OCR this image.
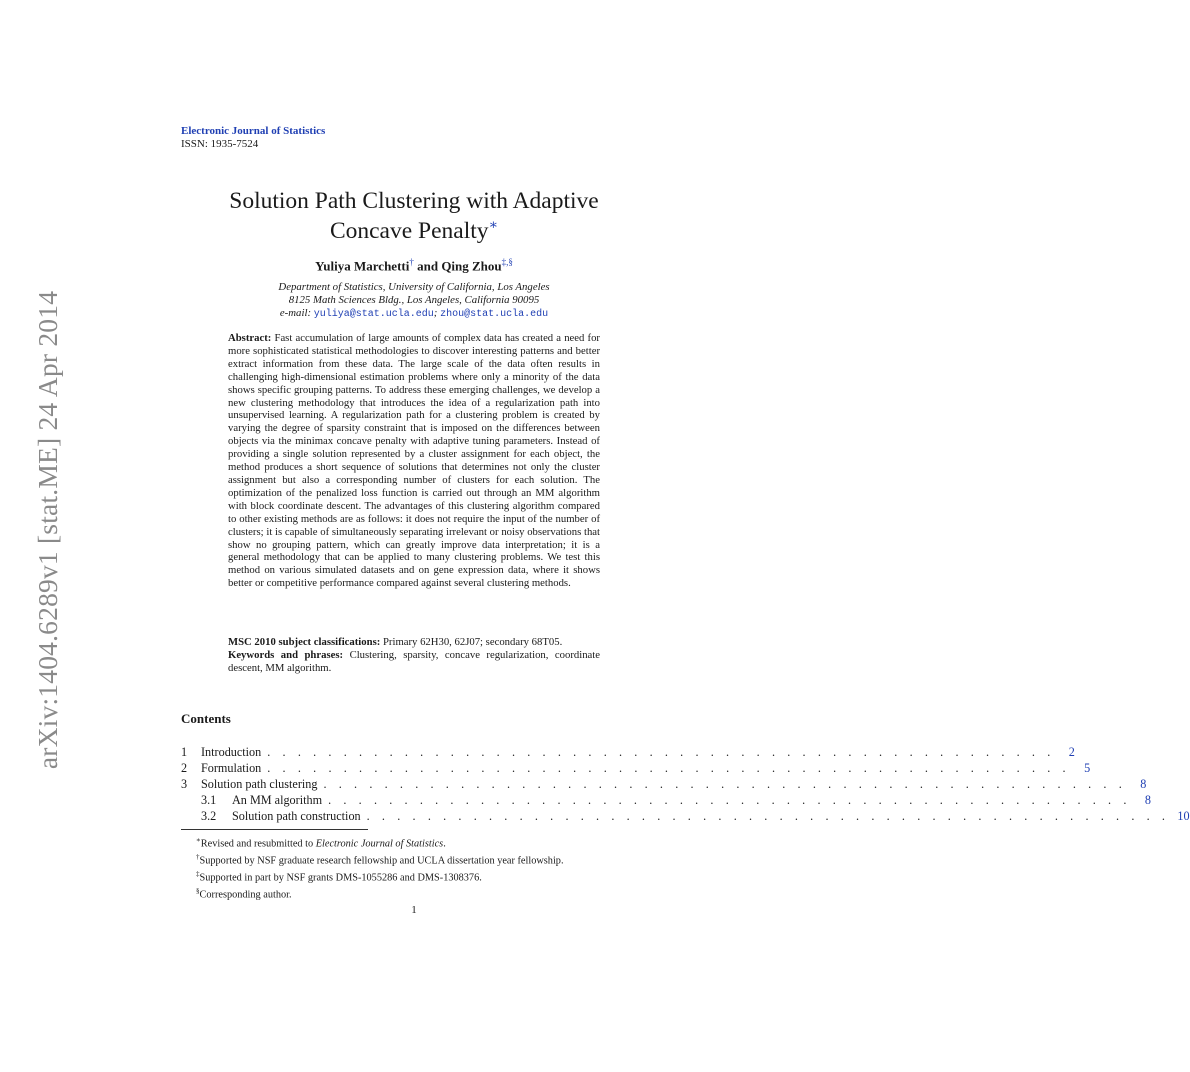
arXiv:1404.6289v1 [stat.ME] 24 Apr 2014
Electronic Journal of Statistics
ISSN: 1935-7524
Solution Path Clustering with Adaptive
Concave Penalty∗
Yuliya Marchetti† and Qing Zhou‡,§
Department of Statistics, University of California, Los Angeles
8125 Math Sciences Bldg., Los Angeles, California 90095
e-mail: yuliya@stat.ucla.edu; zhou@stat.ucla.edu
Abstract: Fast accumulation of large amounts of complex data has created a need for more sophisticated statistical methodologies to discover interesting patterns and better extract information from these data. The large scale of the data often results in challenging high-dimensional estimation problems where only a minority of the data shows specific grouping patterns. To address these emerging challenges, we develop a new clustering methodology that introduces the idea of a regularization path into unsupervised learning. A regularization path for a clustering problem is created by varying the degree of sparsity constraint that is imposed on the differences between objects via the minimax concave penalty with adaptive tuning parameters. Instead of providing a single solution represented by a cluster assignment for each object, the method produces a short sequence of solutions that determines not only the cluster assignment but also a corresponding number of clusters for each solution. The optimization of the penalized loss function is carried out through an MM algorithm with block coordinate descent. The advantages of this clustering algorithm compared to other existing methods are as follows: it does not require the input of the number of clusters; it is capable of simultaneously separating irrelevant or noisy observations that show no grouping pattern, which can greatly improve data interpretation; it is a general methodology that can be applied to many clustering problems. We test this method on various simulated datasets and on gene expression data, where it shows better or competitive performance compared against several clustering methods.

MSC 2010 subject classifications: Primary 62H30, 62J07; secondary 68T05.

Keywords and phrases: Clustering, sparsity, concave regularization, coordinate descent, MM algorithm.

Contents
1	Introduction . . . . . . . . . . . . . . . . . . . . . . . . . . . . . . . . . . . . . . . . . . . . . . . . . . . .	2
2	Formulation . . . . . . . . . . . . . . . . . . . . . . . . . . . . . . . . . . . . . . . . . . . . . . . . . . . . .	5
3	Solution path clustering . . . . . . . . . . . . . . . . . . . . . . . . . . . . . . . . . . . . . . . . . . . . . . . . . . . . .	8
3.1	An MM algorithm . . . . . . . . . . . . . . . . . . . . . . . . . . . . . . . . . . . . . . . . . . . . . . . . . . . . .	8
3.2	Solution path construction . . . . . . . . . . . . . . . . . . . . . . . . . . . . . . . . . . . . . . . . . . . . . . . . . . . . . 10
∗Revised and resubmitted to Electronic Journal of Statistics.
†Supported by NSF graduate research fellowship and UCLA dissertation year fellowship.
‡Supported in part by NSF grants DMS-1055286 and DMS-1308376.
§Corresponding author.
1
